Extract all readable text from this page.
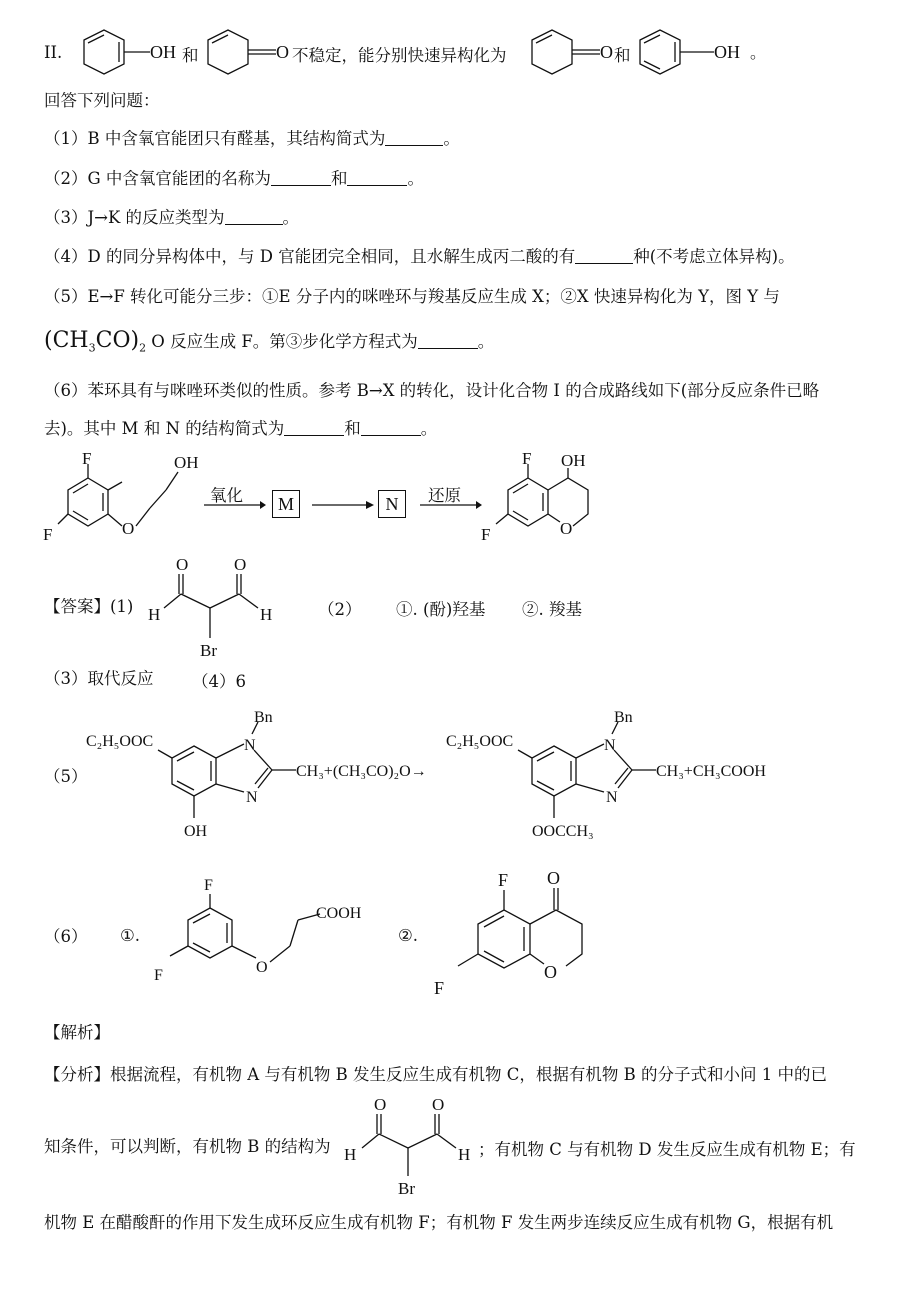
II.	OH 和	O 不稳定，能分别快速异构化为	O 和	OH 。
回答下列问题：
（1）B 中含氧官能团只有醛基，其结构简式为	。
（2）G 中含氧官能团的名称为	和	。
（3）J→K 的反应类型为	。
（4）D 的同分异构体中，与 D 官能团完全相同，且水解生成丙二酸的有	种(不考虑立体异构)。
（5）E→F 转化可能分三步：①E 分子内的咪唑环与羧基反应生成 X；②X 快速异构化为 Y，图 Y 与
$(CH_3CO)_2$ O 反应生成 F。第③步化学方程式为	。
（6）苯环具有与咪唑环类似的性质。参考 B→X 的转化，设计化合物 I 的合成路线如下(部分反应条件已略
去)。其中 M 和 N 的结构简式为	和	。
F
F	O
OH
氧化	M	N	还原
F
F	O
OH
【答案】(1)
O
H
O
H
Br
（2） ①. (酚)羟基 ②. 羧基
（3）取代反应 （4）6
（5）
C₂H₅OOC	N
Bn
N
CH₃+(CH₃CO)₂O→
OH
C₂H₅OOC	N
Bn
N
CH₃+CH₃COOH
OOCCH₃
（6） ①.
F
F	O
COOH
②.
F
F
O
O
【解析】
【分析】根据流程，有机物 A 与有机物 B 发生反应生成有机物 C，根据有机物 B 的分子式和小问 1 中的已
知条件，可以判断，有机物 B 的结构为
O
H
O
H
Br
；有机物 C 与有机物 D 发生反应生成有机物 E；有
机物 E 在醋酸酐的作用下发生成环反应生成有机物 F；有机物 F 发生两步连续反应生成有机物 G，根据有机
